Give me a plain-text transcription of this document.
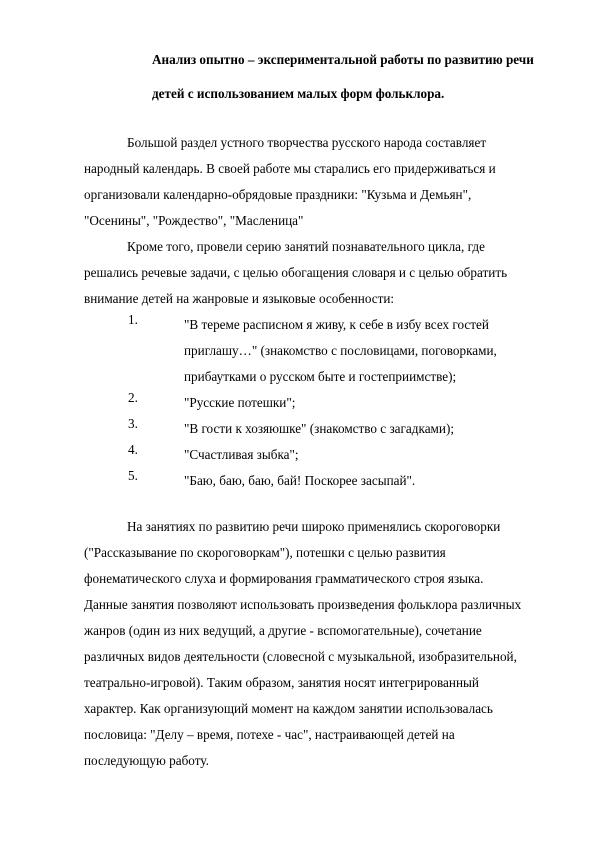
Анализ опытно – экспериментальной работы по развитию речи
детей с использованием малых форм фольклора.

Большой раздел устного творчества русского народа составляет
народный календарь. В своей работе мы старались его придерживаться и
организовали календарно-обрядовые праздники: "Кузьма и Демьян",
"Осенины", "Рождество", "Масленица"

Кроме того, провели серию занятий познавательного цикла, где
решались речевые задачи, с целью обогащения словаря и с целью обратить
внимание детей на жанровые и языковые особенности:

1.	"В тереме расписном я живу, к себе в избу всех гостей
приглашу…" (знакомство с пословицами, поговорками,
прибаутками о русском быте и гостеприимстве);
2.	"Русские потешки";
3.	"В гости к хозяюшке" (знакомство с загадками);
4.	"Счастливая зыбка";
5.	"Баю, баю, баю, бай! Поскорее засыпай".

На занятиях по развитию речи широко применялись скороговорки
("Рассказывание по скороговоркам"), потешки с целью развития
фонематического слуха и формирования грамматического строя языка.
Данные занятия позволяют использовать произведения фольклора различных
жанров (один из них ведущий, а другие - вспомогательные), сочетание
различных видов деятельности (словесной с музыкальной, изобразительной,
театрально-игровой). Таким образом, занятия носят интегрированный
характер. Как организующий момент на каждом занятии использовалась
пословица: "Делу – время, потехе - час", настраивающей детей на
последующую работу.
